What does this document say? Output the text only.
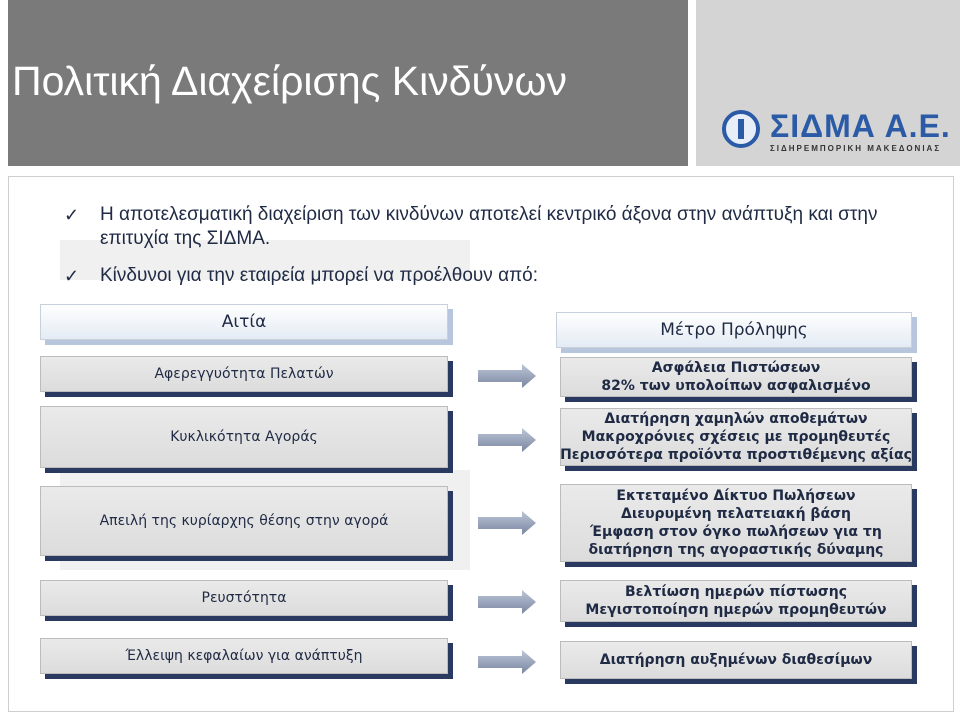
Πολιτική Διαχείρισης Κινδύνων
ΣΙΔΜΑ Α.Ε.
ΣΙΔΗΡΕΜΠΟΡΙΚΗ ΜΑΚΕΔΟΝΙΑΣ
✓ Η αποτελεσματική διαχείριση των κινδύνων αποτελεί κεντρικό άξονα στην ανάπτυξη και στην επιτυχία της ΣΙΔΜΑ.
✓ Κίνδυνοι για την εταιρεία μπορεί να προέλθουν από:
Αιτία	Μέτρο Πρόληψης
Αφερεγγυότητα Πελατών
Κυκλικότητα Αγοράς
Απειλή της κυρίαρχης θέσης στην αγορά
Ρευστότητα
Έλλειψη κεφαλαίων για ανάπτυξη
Ασφάλεια Πιστώσεων
82% των υπολοίπων ασφαλισμένο
Διατήρηση χαμηλών αποθεμάτων
Μακροχρόνιες σχέσεις με προμηθευτές
Περισσότερα προϊόντα προστιθέμενης αξίας
Εκτεταμένο Δίκτυο Πωλήσεων
Διευρυμένη πελατειακή βάση
Έμφαση στον όγκο πωλήσεων για τη
διατήρηση της αγοραστικής δύναμης
Βελτίωση ημερών πίστωσης
Μεγιστοποίηση ημερών προμηθευτών
Διατήρηση αυξημένων διαθεσίμων
